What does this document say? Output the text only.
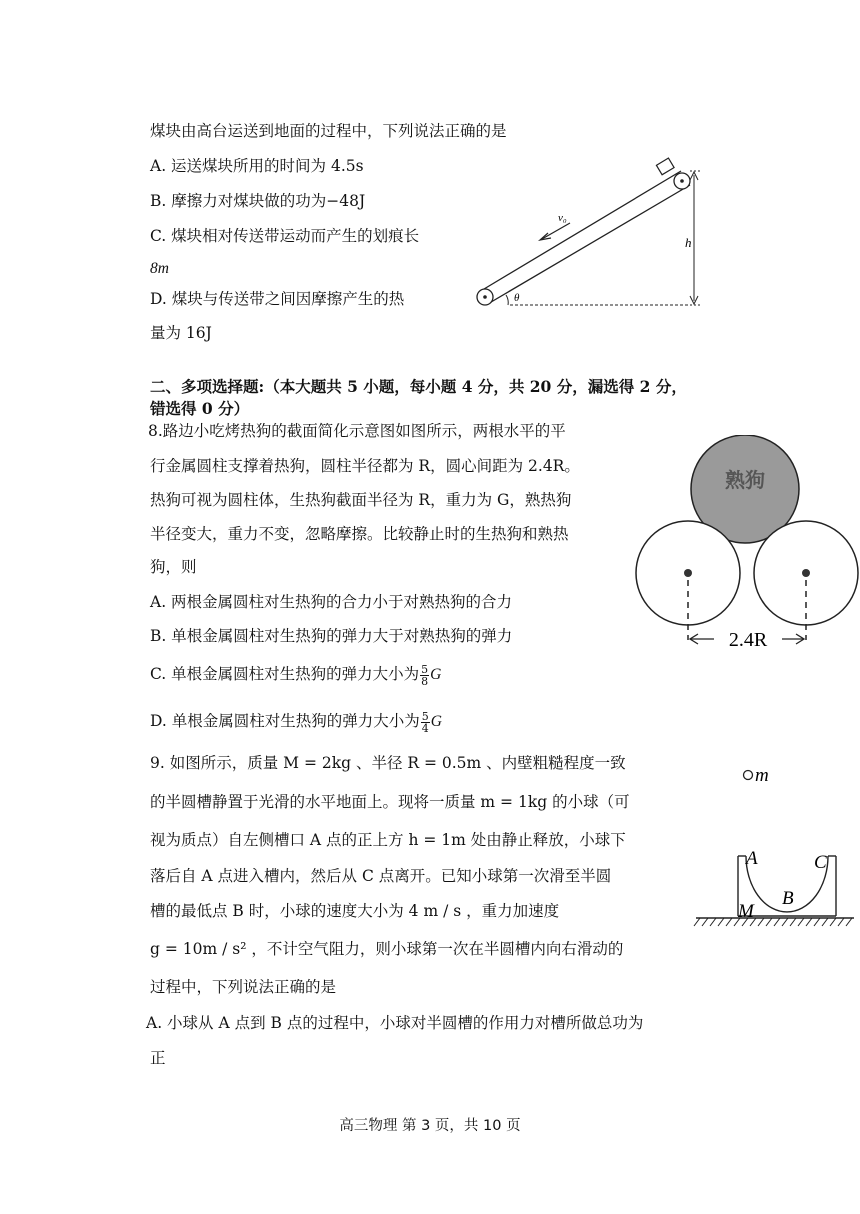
煤块由高台运送到地面的过程中，下列说法正确的是
A. 运送煤块所用的时间为 4.5s
B. 摩擦力对煤块做的功为−48J
C. 煤块相对传送带运动而产生的划痕长
8m
D. 煤块与传送带之间因摩擦产生的热
量为 16J
v₀
h
θ
二、多项选择题:（本大题共 5 小题，每小题 4 分，共 20 分，漏选得 2 分，
错选得 0 分）
8.路边小吃烤热狗的截面简化示意图如图所示，两根水平的平
行金属圆柱支撑着热狗，圆柱半径都为 R，圆心间距为 2.4R。
热狗可视为圆柱体，生热狗截面半径为 R，重力为 G，熟热狗
半径变大，重力不变，忽略摩擦。比较静止时的生热狗和熟热
狗，则
A. 两根金属圆柱对生热狗的合力小于对熟热狗的合力
B. 单根金属圆柱对生热狗的弹力大于对熟热狗的弹力
C. 单根金属圆柱对生热狗的弹力大小为 $\frac{5}{8}$ G
D. 单根金属圆柱对生热狗的弹力大小为 $\frac{5}{4}$ G
熟狗
2.4R
9. 如图所示，质量 M = 2kg 、半径 R = 0.5m 、内壁粗糙程度一致
的半圆槽静置于光滑的水平地面上。现将一质量 m = 1kg 的小球（可
视为质点）自左侧槽口 A 点的正上方 h = 1m 处由静止释放，小球下
落后自 A 点进入槽内，然后从 C 点离开。已知小球第一次滑至半圆
槽的最低点 B 时，小球的速度大小为 4 m / s ，重力加速度
g = 10m / s² ，不计空气阻力，则小球第一次在半圆槽内向右滑动的
过程中，下列说法正确的是
A. 小球从 A 点到 B 点的过程中，小球对半圆槽的作用力对槽所做总功为
正
m
A	C
B
M
高三物理 第 3 页，共 10 页
